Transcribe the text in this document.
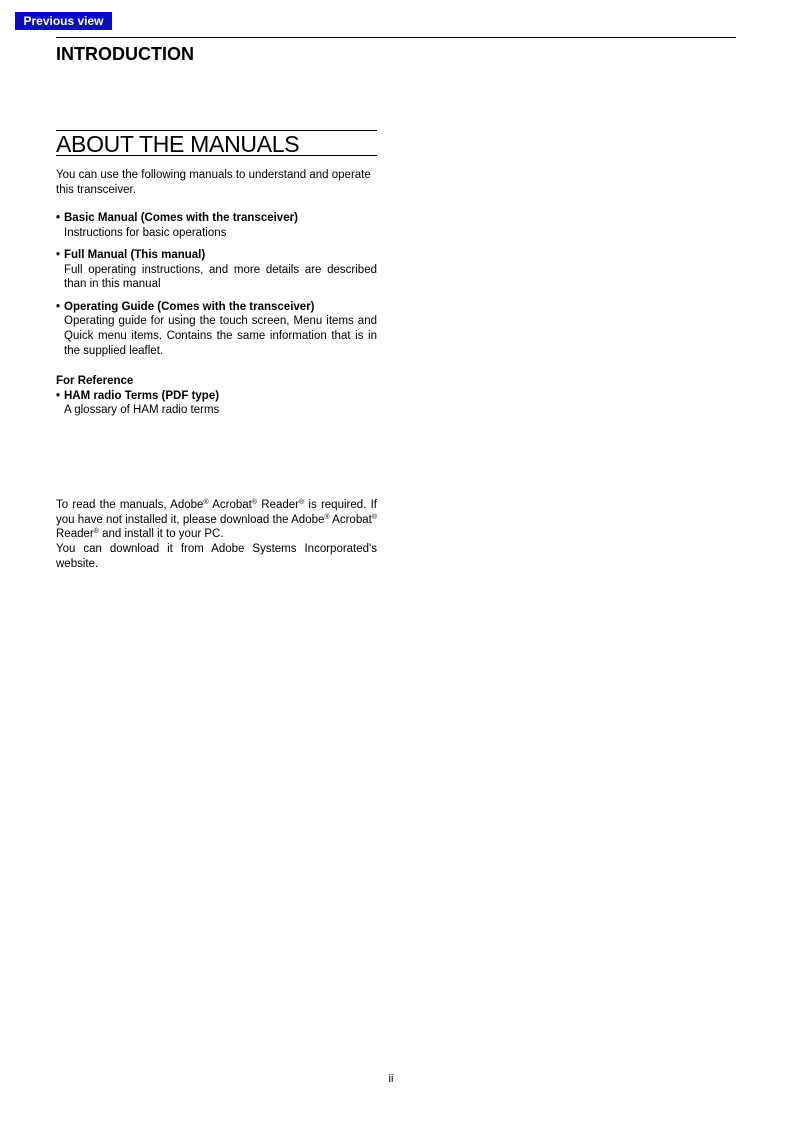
Previous view
INTRODUCTION
ABOUT THE MANUALS

You can use the following manuals to understand and operate this transceiver.

• Basic Manual (Comes with the transceiver)

Instructions for basic operations

• Full Manual (This manual)

Full operating instructions, and more details are described than in this manual

• Operating Guide (Comes with the transceiver)

Operating guide for using the touch screen, Menu items and Quick menu items. Contains the same information that is in the supplied leaflet.

For Reference

• HAM radio Terms (PDF type)

A glossary of HAM radio terms

To read the manuals, Adobe® Acrobat® Reader® is required. If you have not installed it, please download the Adobe® Acrobat® Reader® and install it to your PC.

You can download it from Adobe Systems Incorporated's website.

ii
